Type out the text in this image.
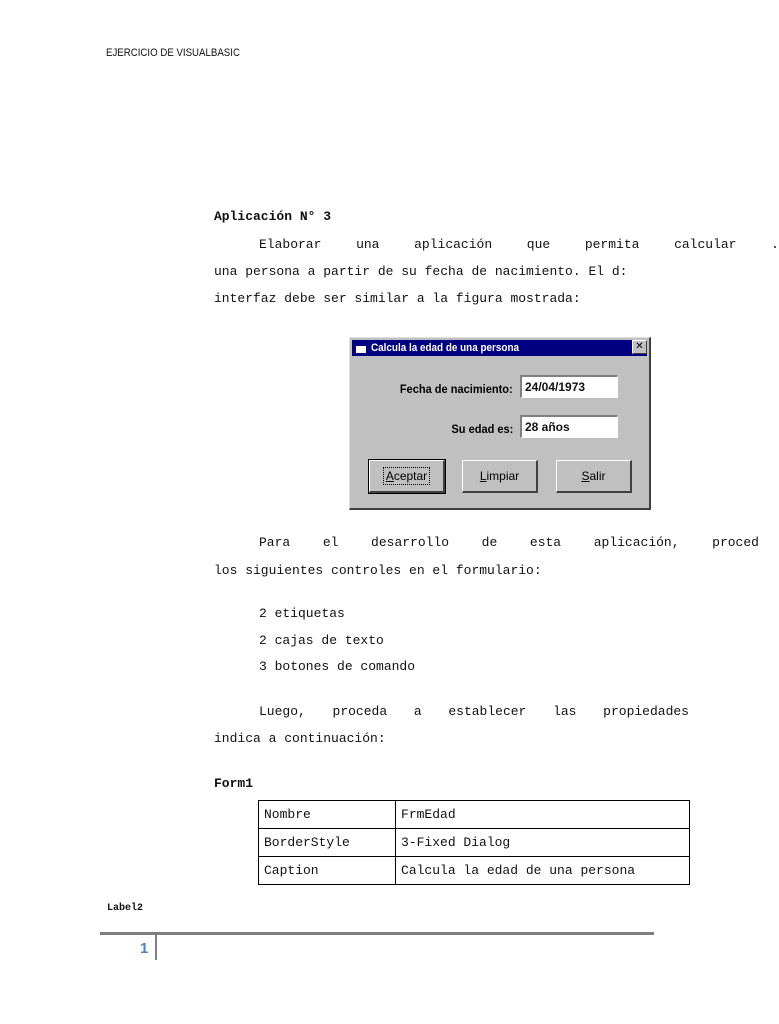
EJERCICIO DE VISUALBASIC
Aplicación N° 3
Elaborar	una	aplicación	que	permita	calcular	.
una persona a partir de su fecha de nacimiento. El d:
interfaz debe ser similar a la figura mostrada:
Para	el	desarrollo	de	esta	aplicación,	proced
los siguientes controles en el formulario:
2 etiquetas
2 cajas de texto
3 botones de comando
Luego, proceda a establecer las propiedades
indica a continuación:
Form1
Nombre	FrmEdad
BorderStyle	3-Fixed Dialog
Caption	Calcula la edad de una persona
Calcula la edad de una persona	✕
Fecha de nacimiento:	24/04/1973
Su edad es:	28 años
Aceptar	L impiar	S alir
Label2
1
